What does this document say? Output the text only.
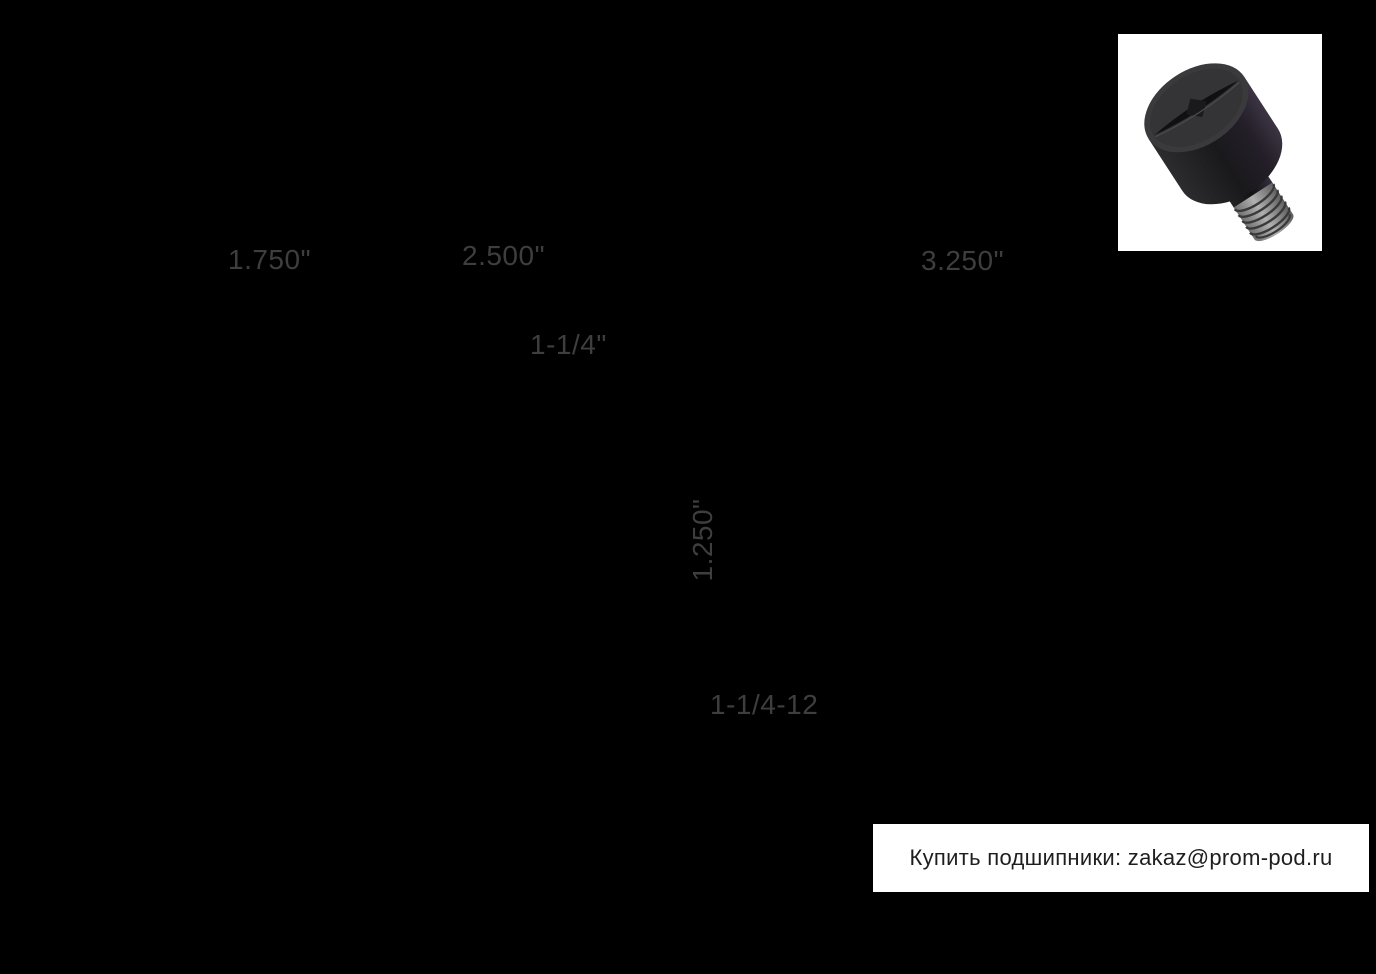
1.750"	2.500"	3.250"
1-1/4"
1.250"
1-1/4-12
Купить подшипники: zakaz@prom-pod.ru
